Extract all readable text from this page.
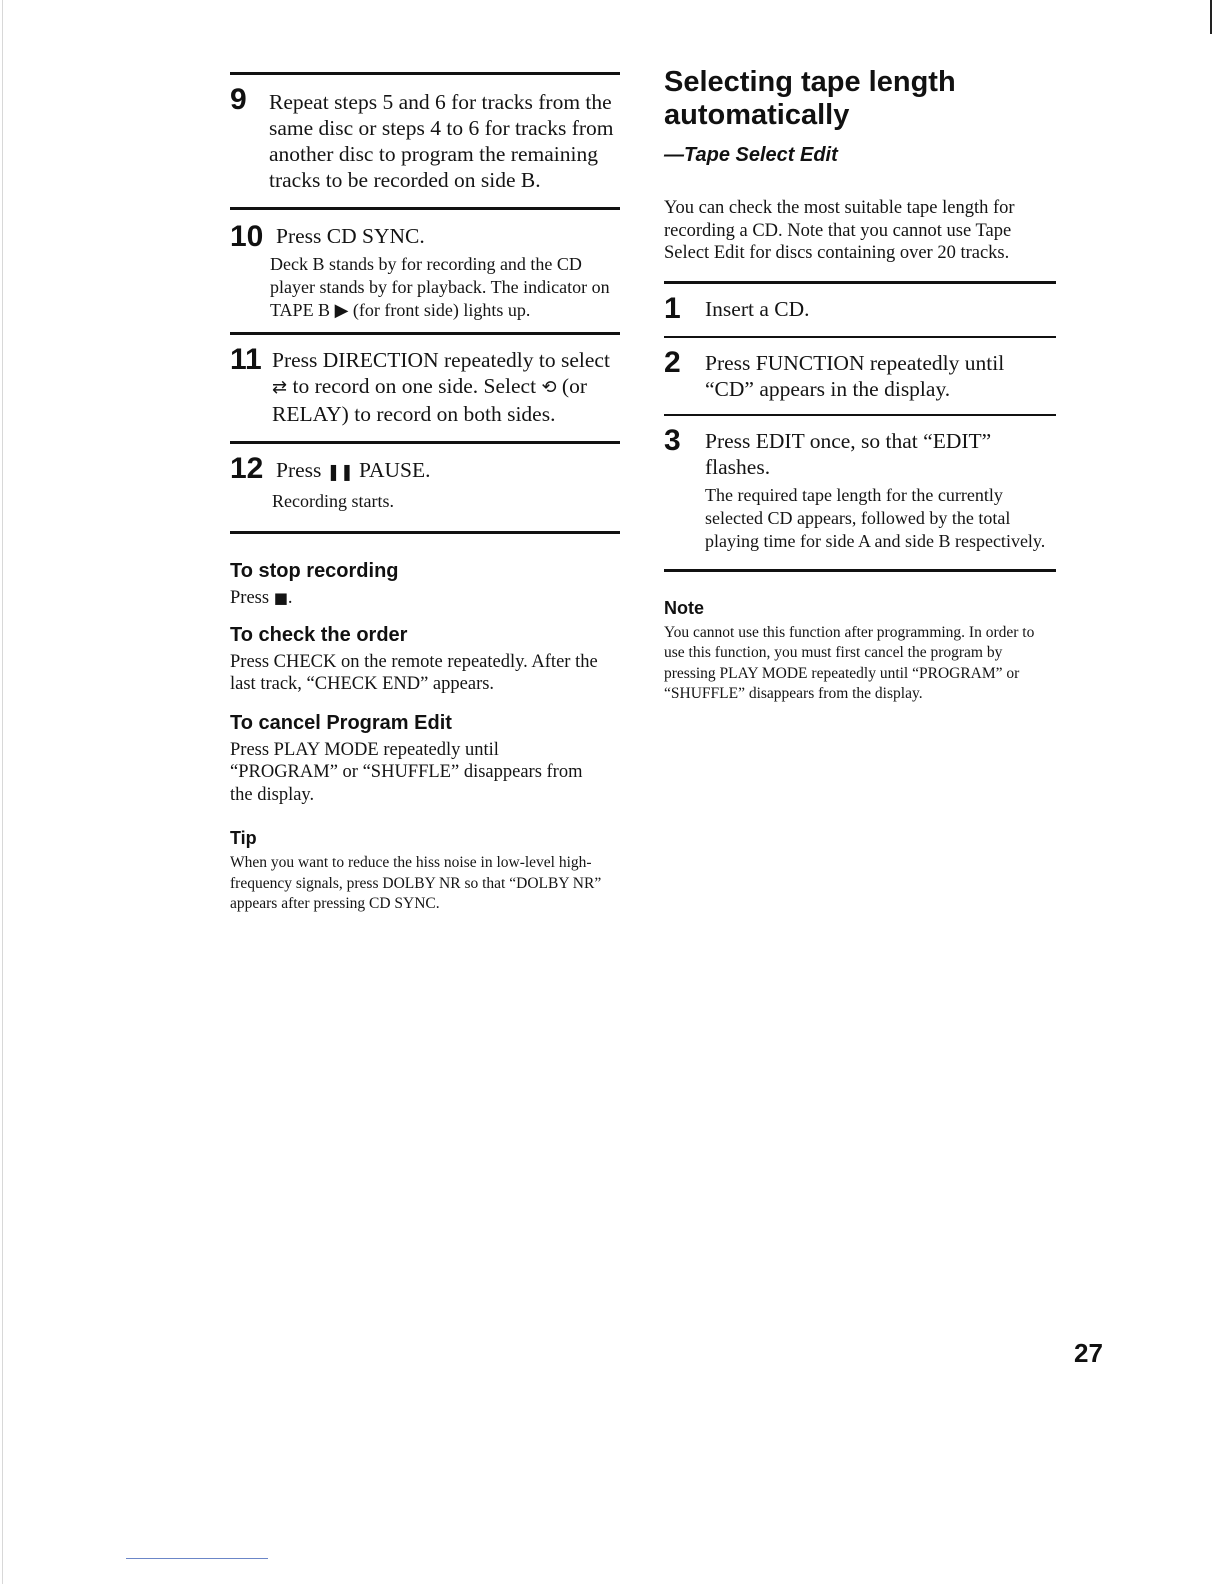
9 Repeat steps 5 and 6 for tracks from the same disc or steps 4 to 6 for tracks from another disc to program the remaining tracks to be recorded on side B.
10 Press CD SYNC.
Deck B stands by for recording and the CD player stands by for playback. The indicator on TAPE B ▶ (for front side) lights up.
11 Press DIRECTION repeatedly to select ⇄ to record on one side. Select ⟲ (or RELAY) to record on both sides.
12 Press ❚❚ PAUSE.
Recording starts.
To stop recording
Press ■.
To check the order
Press CHECK on the remote repeatedly. After the last track, “CHECK END” appears.
To cancel Program Edit
Press PLAY MODE repeatedly until “PROGRAM” or “SHUFFLE” disappears from the display.
Tip
When you want to reduce the hiss noise in low-level high-frequency signals, press DOLBY NR so that “DOLBY NR” appears after pressing CD SYNC.
Selecting tape length automatically
—Tape Select Edit
You can check the most suitable tape length for recording a CD. Note that you cannot use Tape Select Edit for discs containing over 20 tracks.
1 Insert a CD.
2 Press FUNCTION repeatedly until “CD” appears in the display.
3 Press EDIT once, so that “EDIT” flashes.
The required tape length for the currently selected CD appears, followed by the total playing time for side A and side B respectively.
Note
You cannot use this function after programming. In order to use this function, you must first cancel the program by pressing PLAY MODE repeatedly until “PROGRAM” or “SHUFFLE” disappears from the display.
27
